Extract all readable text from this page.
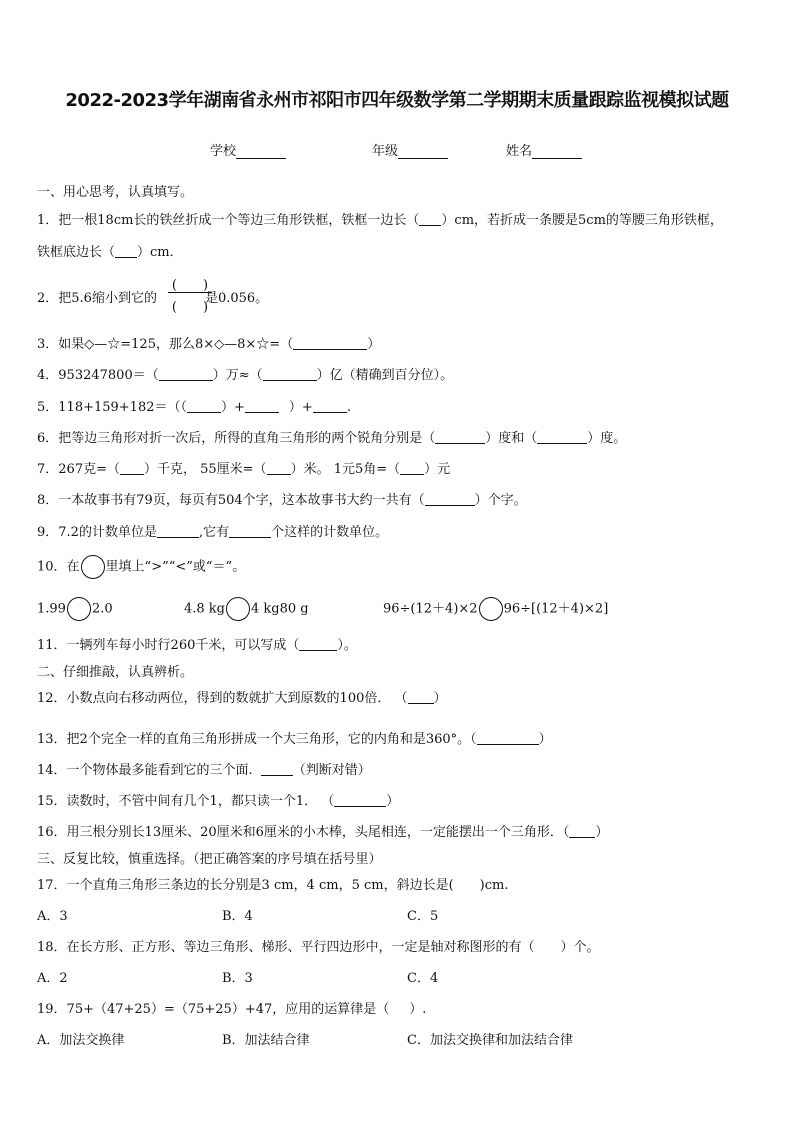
2022-2023学年湖南省永州市祁阳市四年级数学第二学期期末质量跟踪监视模拟试题
学校	年级	姓名
一、用心思考，认真填写。
1．把一根18cm长的铁丝折成一个等边三角形铁框，铁框一边长（ ）cm，若折成一条腰是5cm的等腰三角形铁框，
铁框底边长（ ）cm．
2．把5.6缩小到它的	是0.056。
(　　)
(　　)
3．如果◇—☆=125，那么8×◇—8×☆=（	）
4．953247800＝（	）万≈（	）亿（精确到百分位）。
5．118+159+182＝（（	）+	）+	.
6．把等边三角形对折一次后，所得的直角三角形的两个锐角分别是（	）度和（	）度。
7．267克=（ ）千克， 55厘米=（ ）米。 1元5角=（ ）元
8．一本故事书有79页，每页有504个字，这本故事书大约一共有（	）个字。
9．7.2的计数单位是	,它有	个这样的计数单位。
10．在 里填上“>”“<”或“＝”。
1.99 2.0	4.8 kg 4 kg80 g	96÷(12＋4)×2 96÷[(12＋4)×2]
11．一辆列车每小时行260千米，可以写成（	）。
二、仔细推敲，认真辨析。
12．小数点向右移动两位，得到的数就扩大到原数的100倍． （ ）
13．把2个完全一样的直角三角形拼成一个大三角形，它的内角和是360°。（	）
14．一个物体最多能看到它的三个面.	（判断对错）
15．读数时，不管中间有几个1，都只读一个1． （	）
16．用三根分别长13厘米、20厘米和6厘米的小木棒，头尾相连，一定能摆出一个三角形．（ ）
三、反复比较，慎重选择。（把正确答案的序号填在括号里）
17．一个直角三角形三条边的长分别是3 cm，4 cm，5 cm，斜边长是( )cm.
A．3	B．4	C．5
18．在长方形、正方形、等边三角形、梯形、平行四边形中，一定是轴对称图形的有（ ）个。
A．2	B．3	C．4
19．75+（47+25）=（75+25）+47，应用的运算律是（ ）.
A．加法交换律	B．加法结合律	C．加法交换律和加法结合律
